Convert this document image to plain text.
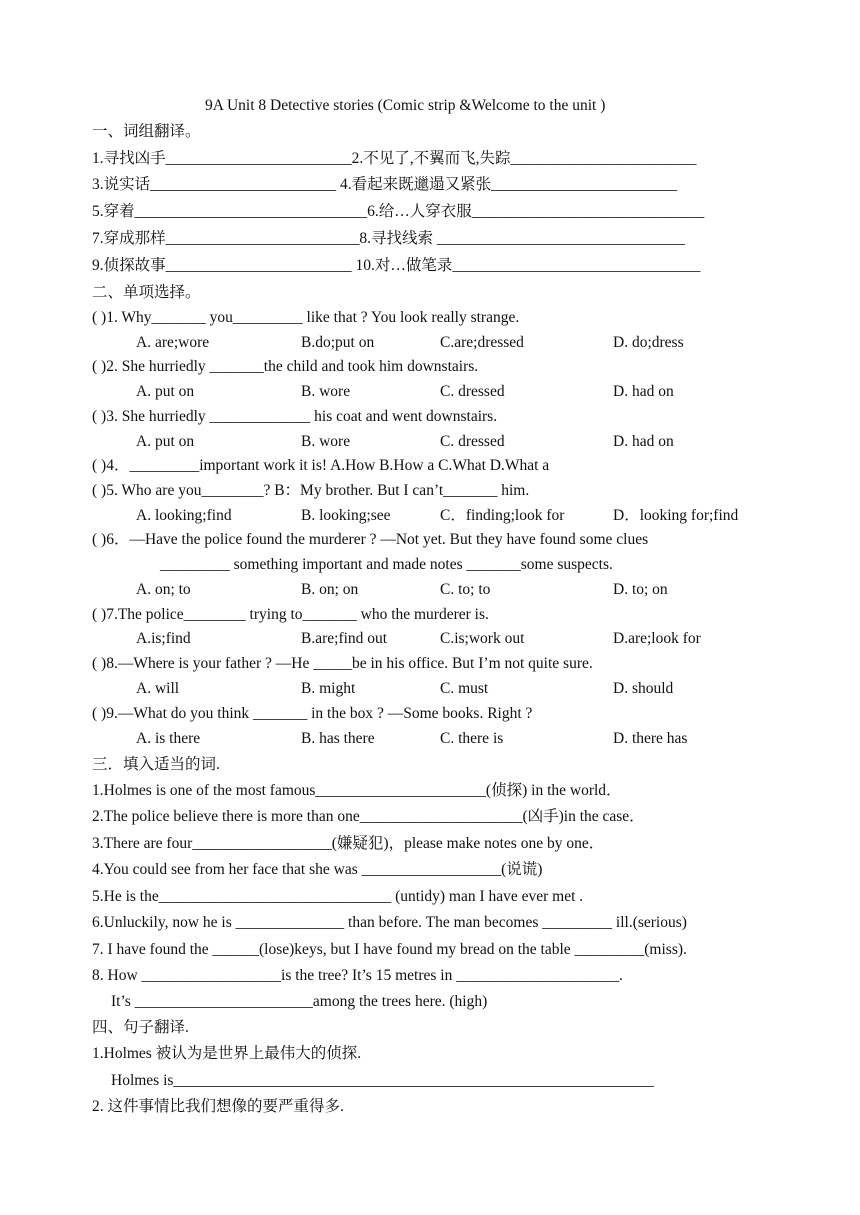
9A Unit 8 Detective stories (Comic strip &Welcome to the unit )
一、词组翻译。
1.寻找凶手________________________2.不见了,不翼而飞,失踪________________________
3.说实话________________________ 4.看起来既邋遢又紧张________________________
5.穿着______________________________6.给…人穿衣服______________________________
7.穿成那样_________________________8.寻找线索 ________________________________
9.侦探故事________________________ 10.对…做笔录________________________________
二、单项选择。
( )1. Why_______ you_________ like that ? You look really strange.
A. are;wore	B.do;put on	C.are;dressed	D. do;dress
( )2. She hurriedly _______the child and took him downstairs.
A. put on	B. wore	C. dressed	D. had on
( )3. She hurriedly _____________ his coat and went downstairs.
A. put on	B. wore	C. dressed	D. had on
( )4．_________important work it is! A.How B.How a C.What D.What a
( )5. Who are you________? B：My brother. But I can’t_______ him.
A. looking;find	B. looking;see	C．finding;look for	D．looking for;find
( )6．—Have the police found the murderer ? —Not yet. But they have found some clues
_________ something important and made notes _______some suspects.
A. on; to	B. on; on	C. to; to	D. to; on
( )7.The police________ trying to_______ who the murderer is.
A.is;find	B.are;find out	C.is;work out	D.are;look for
( )8.—Where is your father ? —He _____be in his office. But I’m not quite sure.
A. will	B. might	C. must	D. should
( )9.—What do you think _______ in the box ? —Some books. Right ?
A. is there	B. has there	C. there is	D. there has
三．填入适当的词.
1.Holmes is one of the most famous______________________(侦探) in the world．
2.The police believe there is more than one_____________________(凶手)in the case．
3.There are four__________________(嫌疑犯)，please make notes one by one．
4.You could see from her face that she was __________________(说谎)
5.He is the______________________________ (untidy) man I have ever met .
6.Unluckily, now he is ______________ than before. The man becomes _________ ill.(serious)
7. I have found the ______(lose)keys, but I have found my bread on the table _________(miss).
8. How __________________is the tree? It’s 15 metres in _____________________.
It’s _______________________among the trees here. (high)
四、句子翻译.
1.Holmes 被认为是世界上最伟大的侦探.
Holmes is______________________________________________________________
2. 这件事情比我们想像的要严重得多.
